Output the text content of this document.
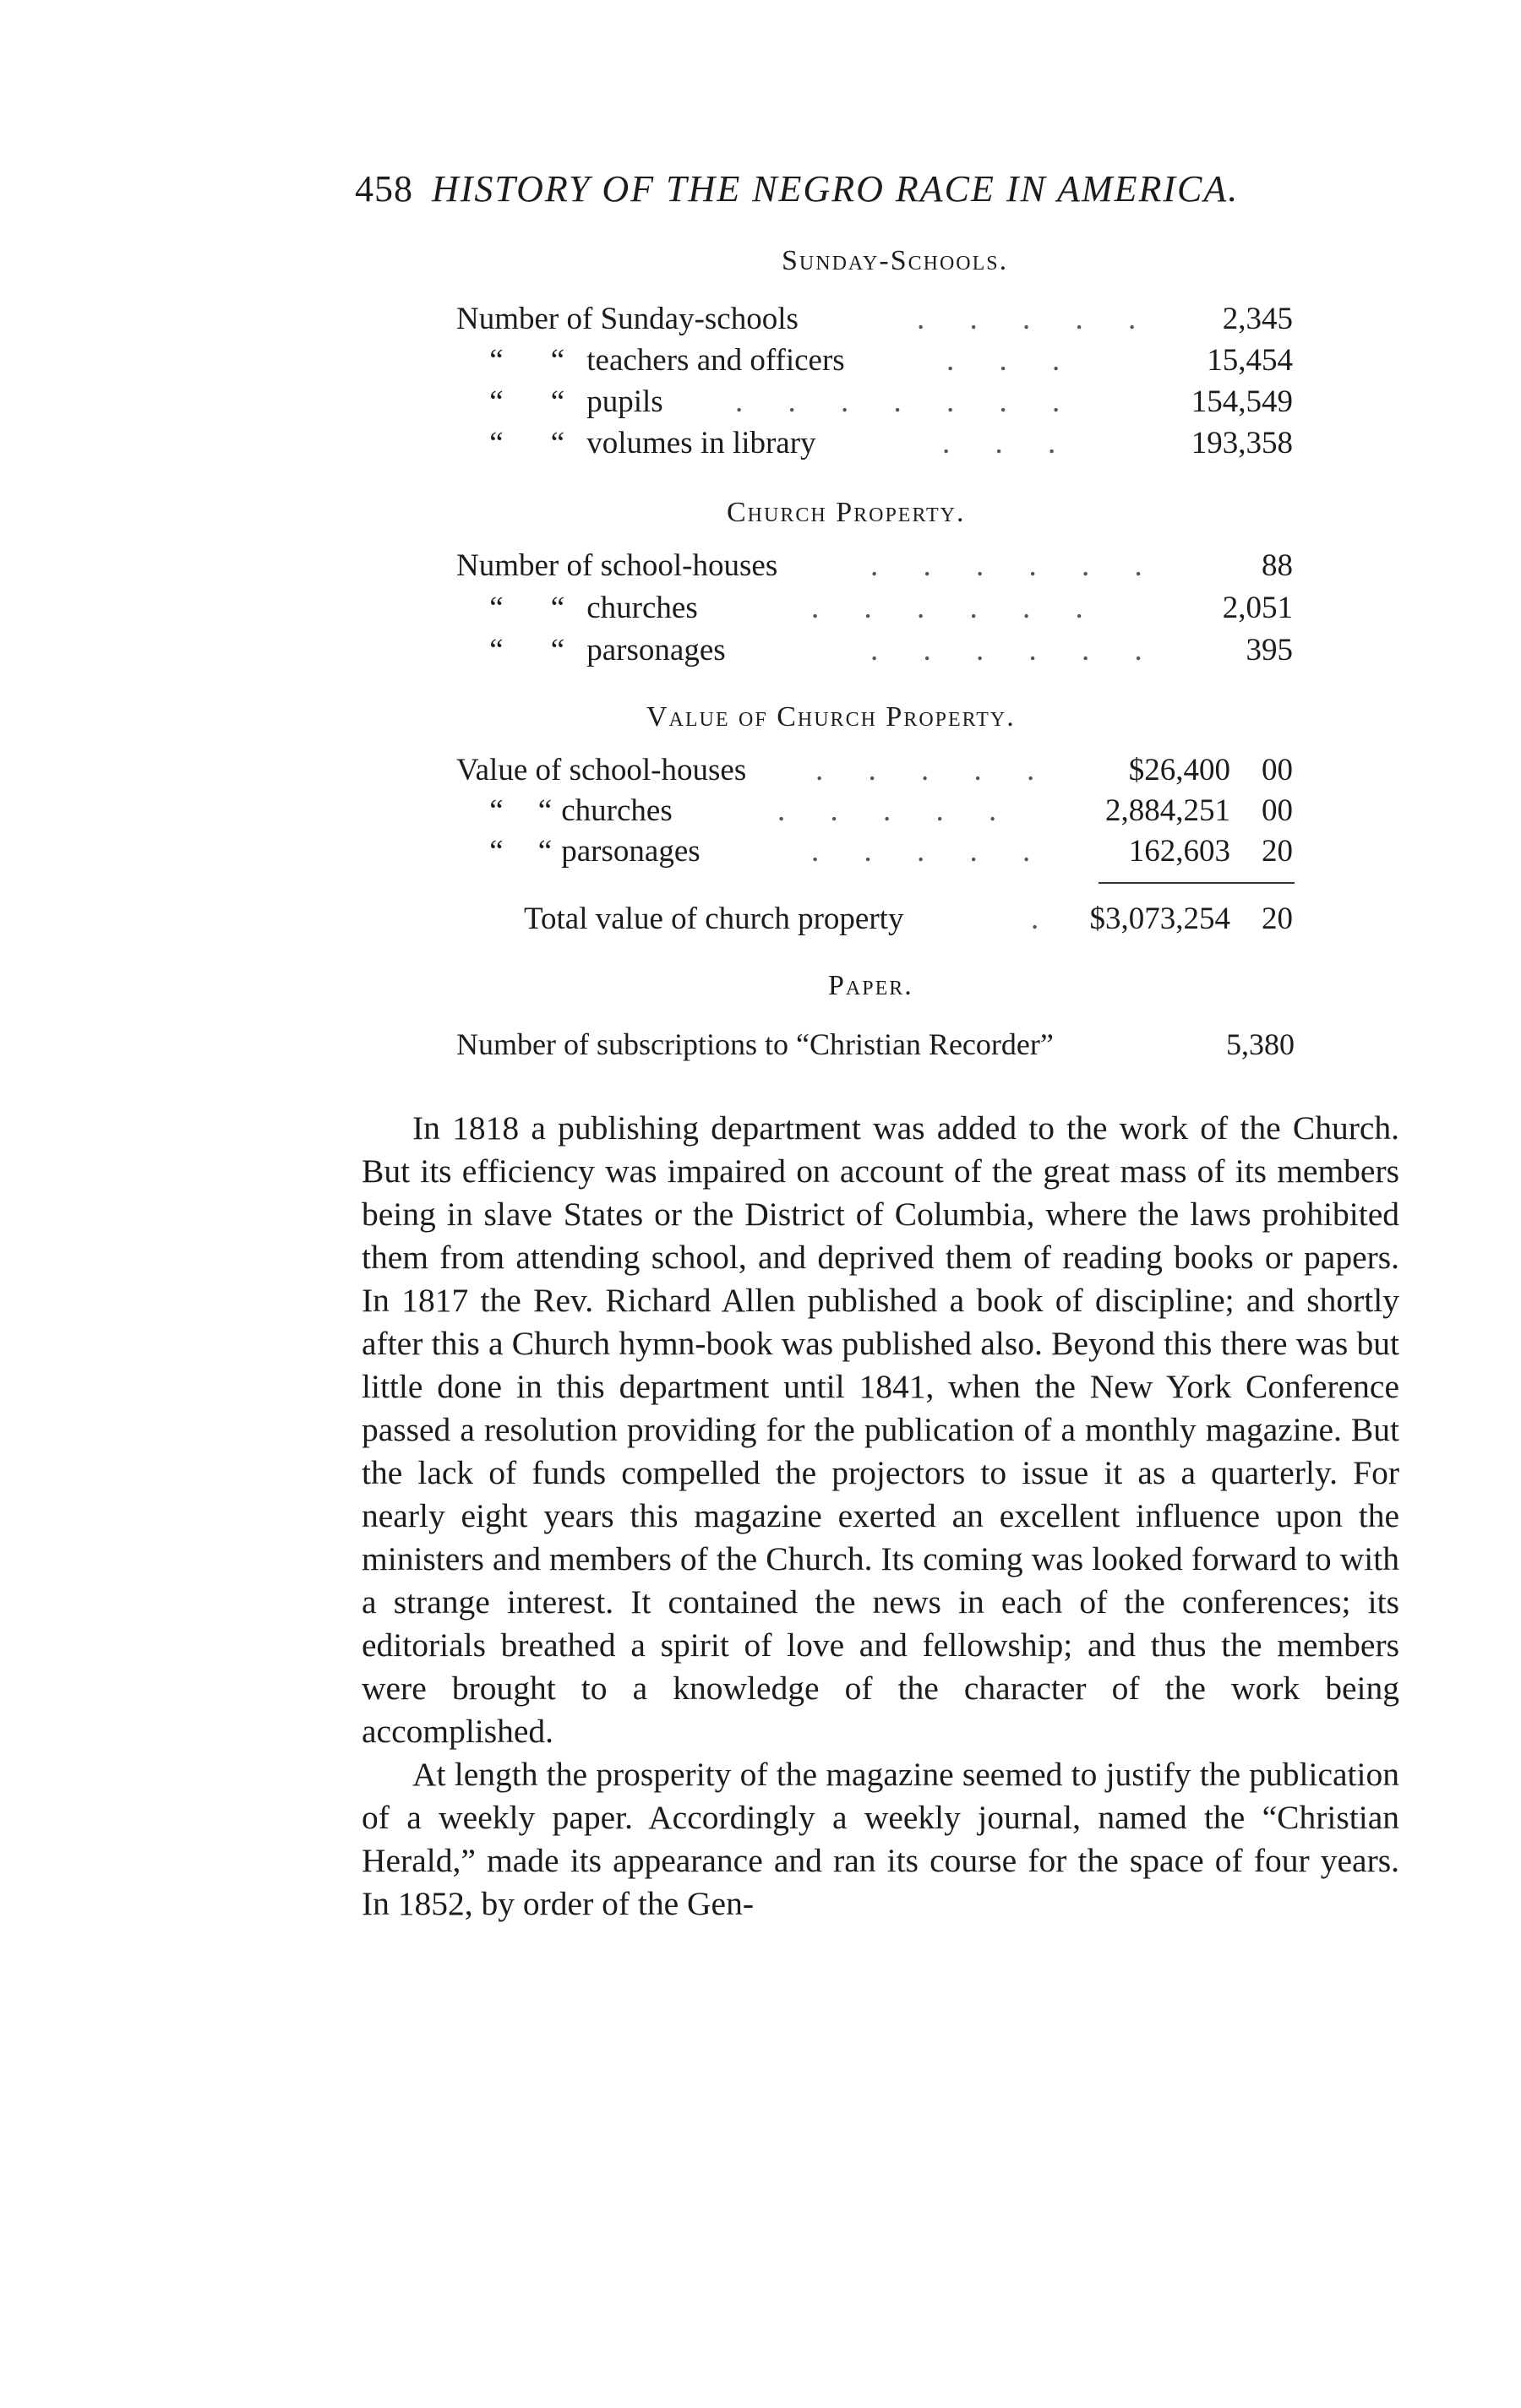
458 HISTORY OF THE NEGRO RACE IN AMERICA.
Sunday-Schools.
Number of Sunday-schools	. . . . . 2,345
“ “ teachers and officers	. . .	15,454
“ “ pupils . . . . . . .	154,549
“ “ volumes in library	. . .	193,358
Church Property.
Number of school-houses	. . . . . .	88
“ “ churches	. . . . . .	2,051
“ “ parsonages	. . . . . .	395
Value of Church Property.
Value of school-houses . . . . . $26,400 00
“ “ churches	. . . . .	2,884,251 00
“ “ parsonages	. . . . .	162,603 20
Total value of church property	. $3,073,254 20
Paper.
Number of subscriptions to “Christian Recorder”	5,380

In 1818 a publishing department was added to the work of the Church. But its efficiency was impaired on account of the great mass of its members being in slave States or the District of Columbia, where the laws prohibited them from attending school, and deprived them of reading books or papers. In 1817 the Rev. Richard Allen published a book of discipline; and shortly after this a Church hymn-book was published also. Beyond this there was but little done in this department until 1841, when the New York Conference passed a resolution providing for the publication of a monthly magazine. But the lack of funds compelled the projectors to issue it as a quarterly. For nearly eight years this magazine exerted an excellent influence upon the ministers and members of the Church. Its coming was looked forward to with a strange interest. It contained the news in each of the conferences; its editorials breathed a spirit of love and fellowship; and thus the members were brought to a knowledge of the character of the work being accomplished.

At length the prosperity of the magazine seemed to justify the publication of a weekly paper. Accordingly a weekly journal, named the “Christian Herald,” made its appearance and ran its course for the space of four years. In 1852, by order of the Gen-
